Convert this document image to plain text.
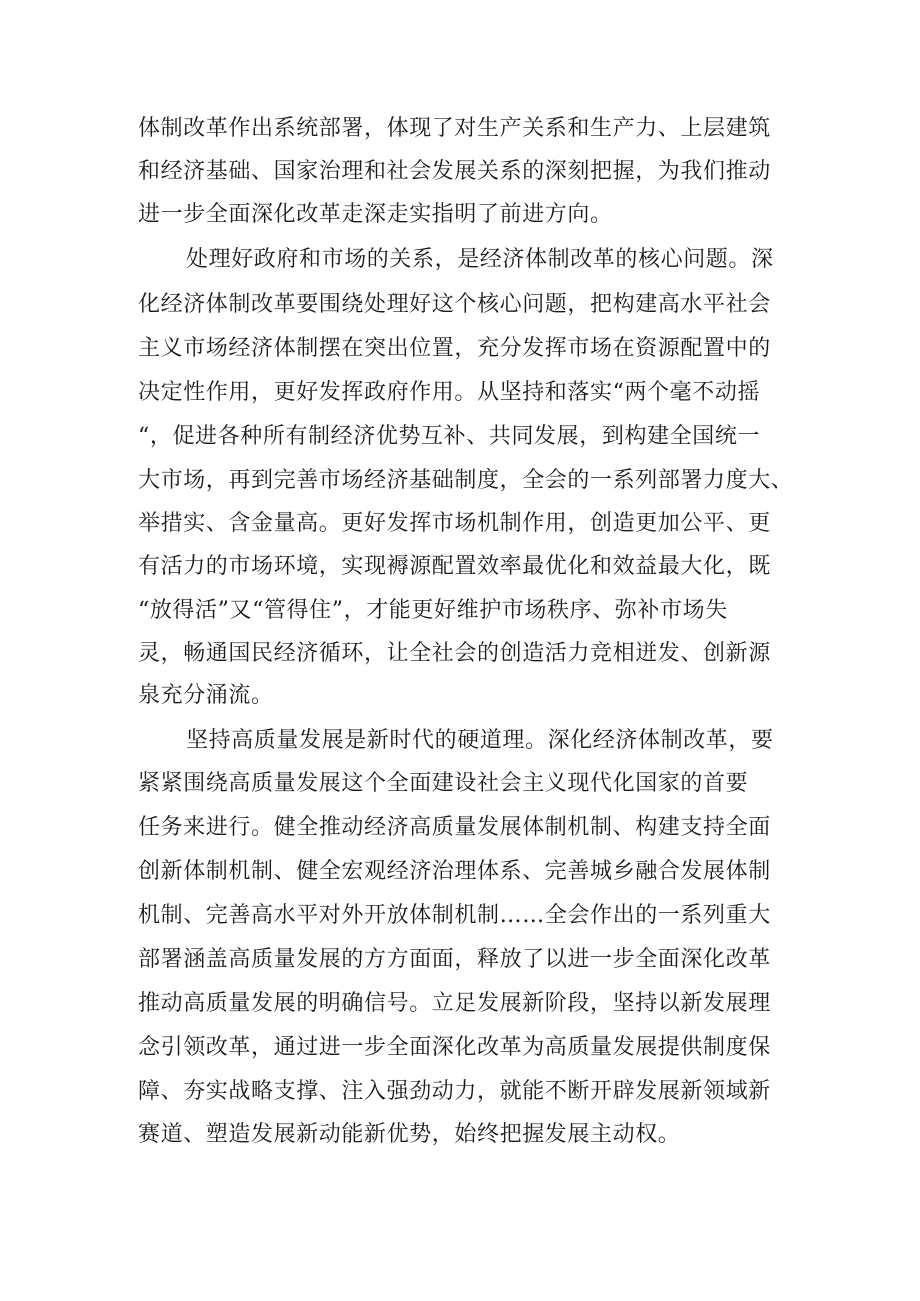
体制改革作出系统部署，体现了对生产关系和生产力、上层建筑
和经济基础、国家治理和社会发展关系的深刻把握，为我们推动
进一步全面深化改革走深走实指明了前进方向。
处理好政府和市场的关系，是经济体制改革的核心问题。深
化经济体制改革要围绕处理好这个核心问题，把构建高水平社会
主义市场经济体制摆在突出位置，充分发挥市场在资源配置中的
决定性作用，更好发挥政府作用。从坚持和落实“两个毫不动摇
“，促进各种所有制经济优势互补、共同发展，到构建全国统一
大市场，再到完善市场经济基础制度，全会的一系列部署力度大、
举措实、含金量高。更好发挥市场机制作用，创造更加公平、更
有活力的市场环境，实现褥源配置效率最优化和效益最大化，既
“放得活”又“管得住”，才能更好维护市场秩序、弥补市场失
灵，畅通国民经济循环，让全社会的创造活力竞相迸发、创新源
泉充分涌流。
坚持高质量发展是新时代的硬道理。深化经济体制改革，要
紧紧围绕高质量发展这个全面建设社会主义现代化国家的首要
任务来进行。健全推动经济高质量发展体制机制、构建支持全面
创新体制机制、健全宏观经济治理体系、完善城乡融合发展体制
机制、完善高水平对外开放体制机制……全会作出的一系列重大
部署涵盖高质量发展的方方面面，释放了以进一步全面深化改革
推动高质量发展的明确信号。立足发展新阶段，坚持以新发展理
念引领改革，通过进一步全面深化改革为高质量发展提供制度保
障、夯实战略支撑、注入强劲动力，就能不断开辟发展新领域新
赛道、塑造发展新动能新优势，始终把握发展主动权。
